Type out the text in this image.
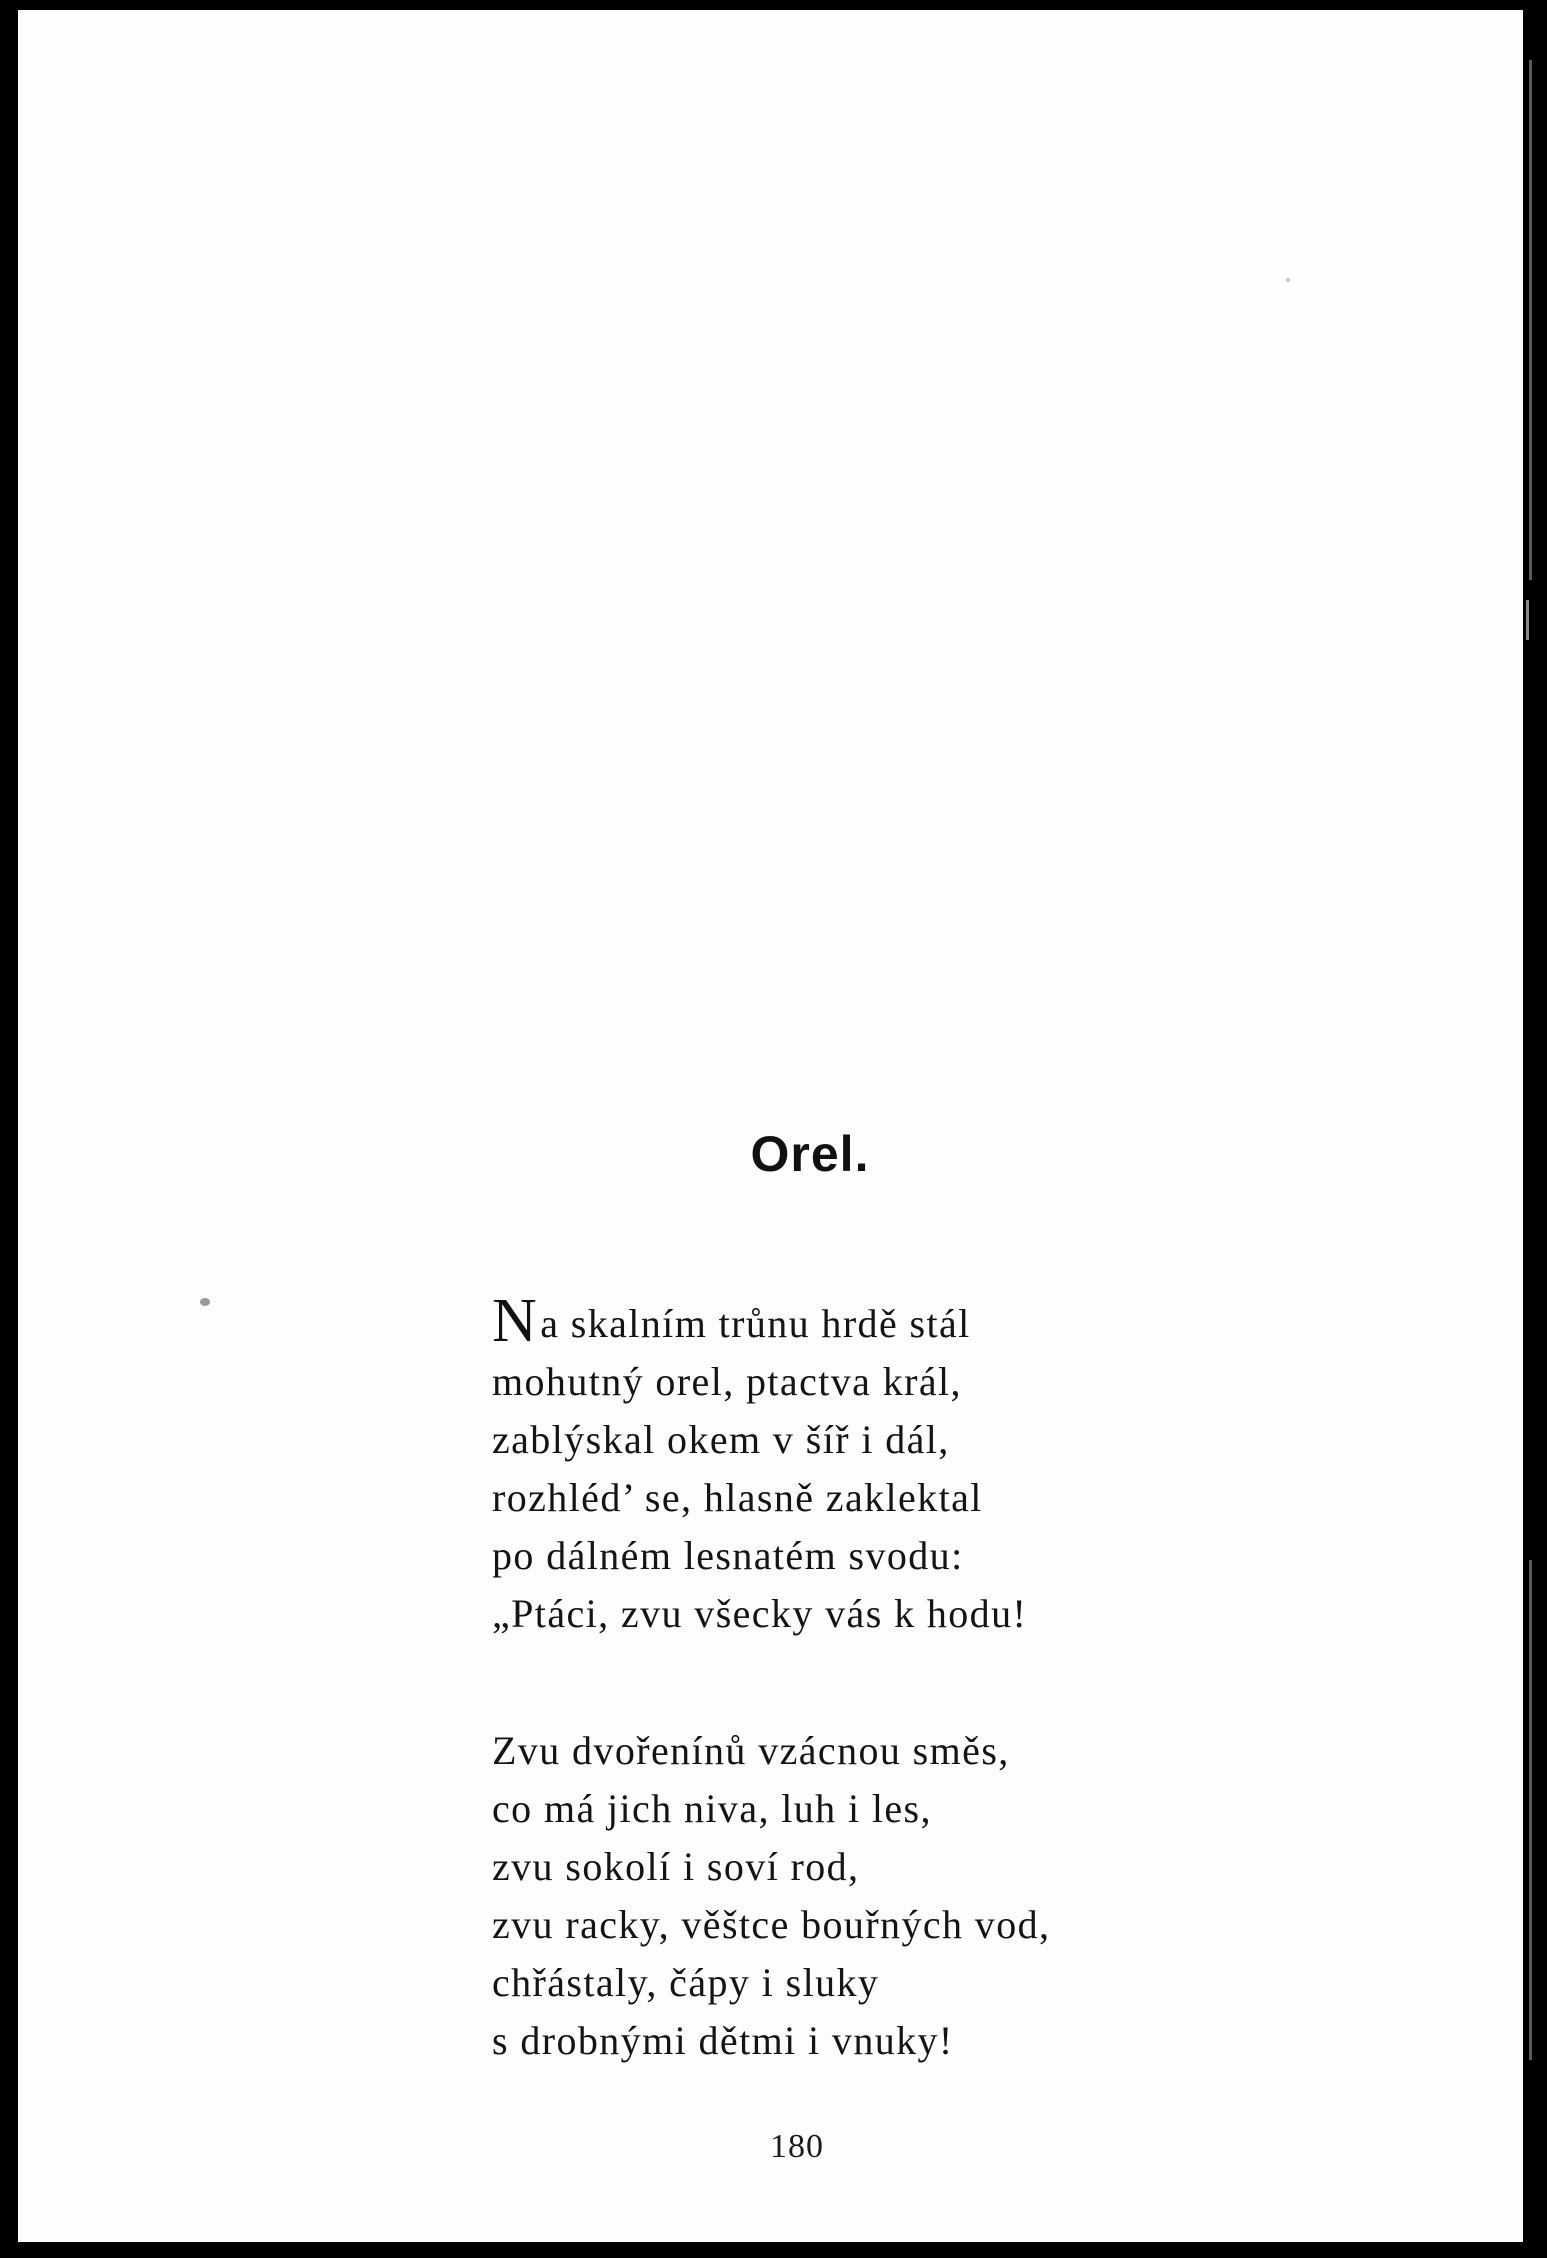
Orel.

Na skalním trůnu hrdě stál

mohutný orel, ptactva král,

zablýskal okem v šíř i dál,

rozhléd’ se, hlasně zaklektal

po dálném lesnatém svodu:

„Ptáci, zvu všecky vás k hodu!

Zvu dvořenínů vzácnou směs,

co má jich niva, luh i les,

zvu sokolí i soví rod,

zvu racky, věštce bouřných vod,

chřástaly, čápy i sluky

s drobnými dětmi i vnuky!

180
